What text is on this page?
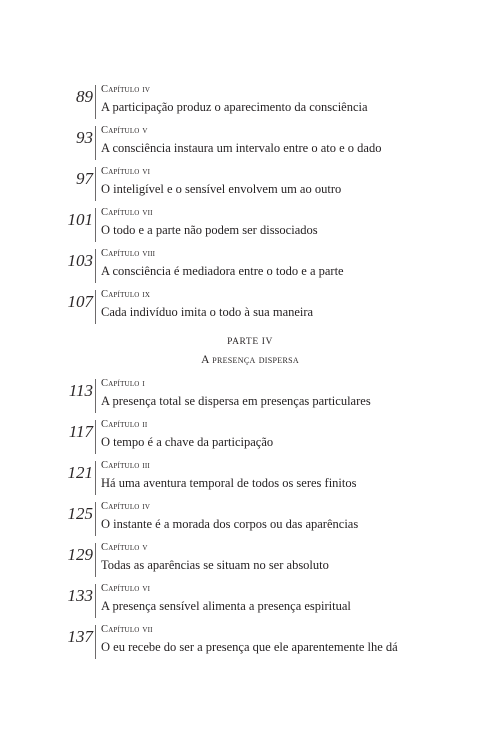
89 Capítulo iv
A participação produz o aparecimento da consciência
93 Capítulo v
A consciência instaura um intervalo entre o ato e o dado
97 Capítulo vi
O inteligível e o sensível envolvem um ao outro
101 Capítulo vii
O todo e a parte não podem ser dissociados
103 Capítulo viii
A consciência é mediadora entre o todo e a parte
107 Capítulo ix
Cada indivíduo imita o todo à sua maneira
PARTE IV
A presença dispersa
113 Capítulo i
A presença total se dispersa em presenças particulares
117 Capítulo ii
O tempo é a chave da participação
121 Capítulo iii
Há uma aventura temporal de todos os seres finitos
125 Capítulo iv
O instante é a morada dos corpos ou das aparências
129 Capítulo v
Todas as aparências se situam no ser absoluto
133 Capítulo vi
A presença sensível alimenta a presença espiritual
137 Capítulo vii
O eu recebe do ser a presença que ele aparentemente lhe dá
